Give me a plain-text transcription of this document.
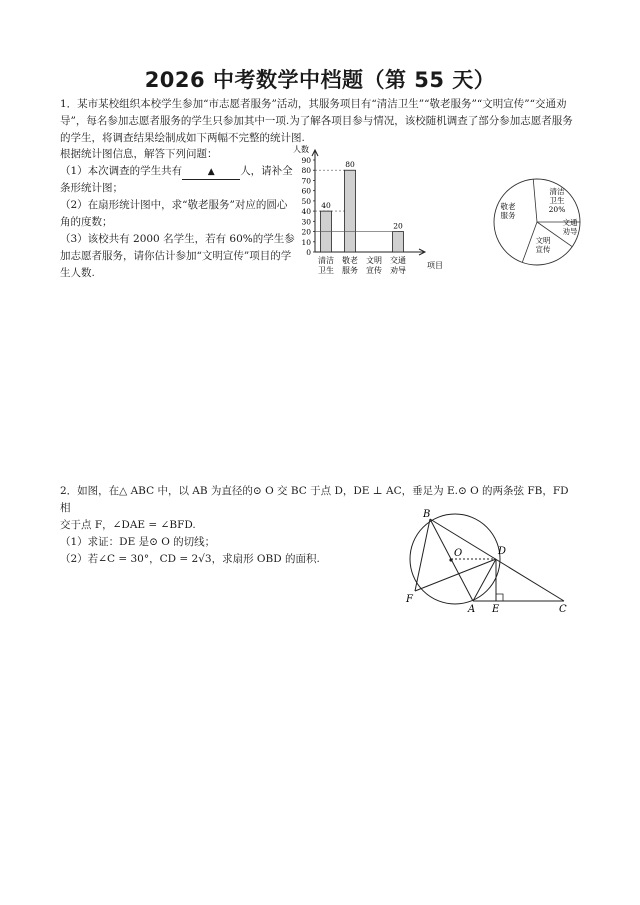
2026 中考数学中档题（第 55 天）

1．某市某校组织本校学生参加“市志愿者服务”活动，其服务项目有“清洁卫生”“敬老服务”“文明宣传”“交通劝导”，每名参加志愿者服务的学生只参加其中一项.为了解各项目参与情况，该校随机调查了部分参加志愿者服务的学生，将调查结果绘制成如下两幅不完整的统计图.

根据统计图信息，解答下列问题：

（1）本次调查的学生共有	▲ 人，请补全条形统计图；

（2）在扇形统计图中，求“敬老服务”对应的圆心角的度数；

（3）该校共有 2000 名学生，若有 60%的学生参加志愿者服务，请你估计参加“文明宣传”项目的学生人数.

人数
项目
0
10
20
30
40
50
60
70
80
90
40
清洁
卫生
80
敬老
服务
文明
宣传
20
交通
劝导
清洁
卫生
20%
文通
劝导
文明
宣传
敬老
服务

2．如图，在△ ABC 中，以 AB 为直径的⊙ O 交 BC 于点 D，DE ⊥ AC，垂足为 E.⊙ O 的两条弦 FB，FD 相

交于点 F，∠DAE = ∠BFD.

（1）求证：DE 是⊙ O 的切线；

（2）若∠C = 30°，CD = 2√3，求扇形 OBD 的面积.

B
O	D
F
A E	C
